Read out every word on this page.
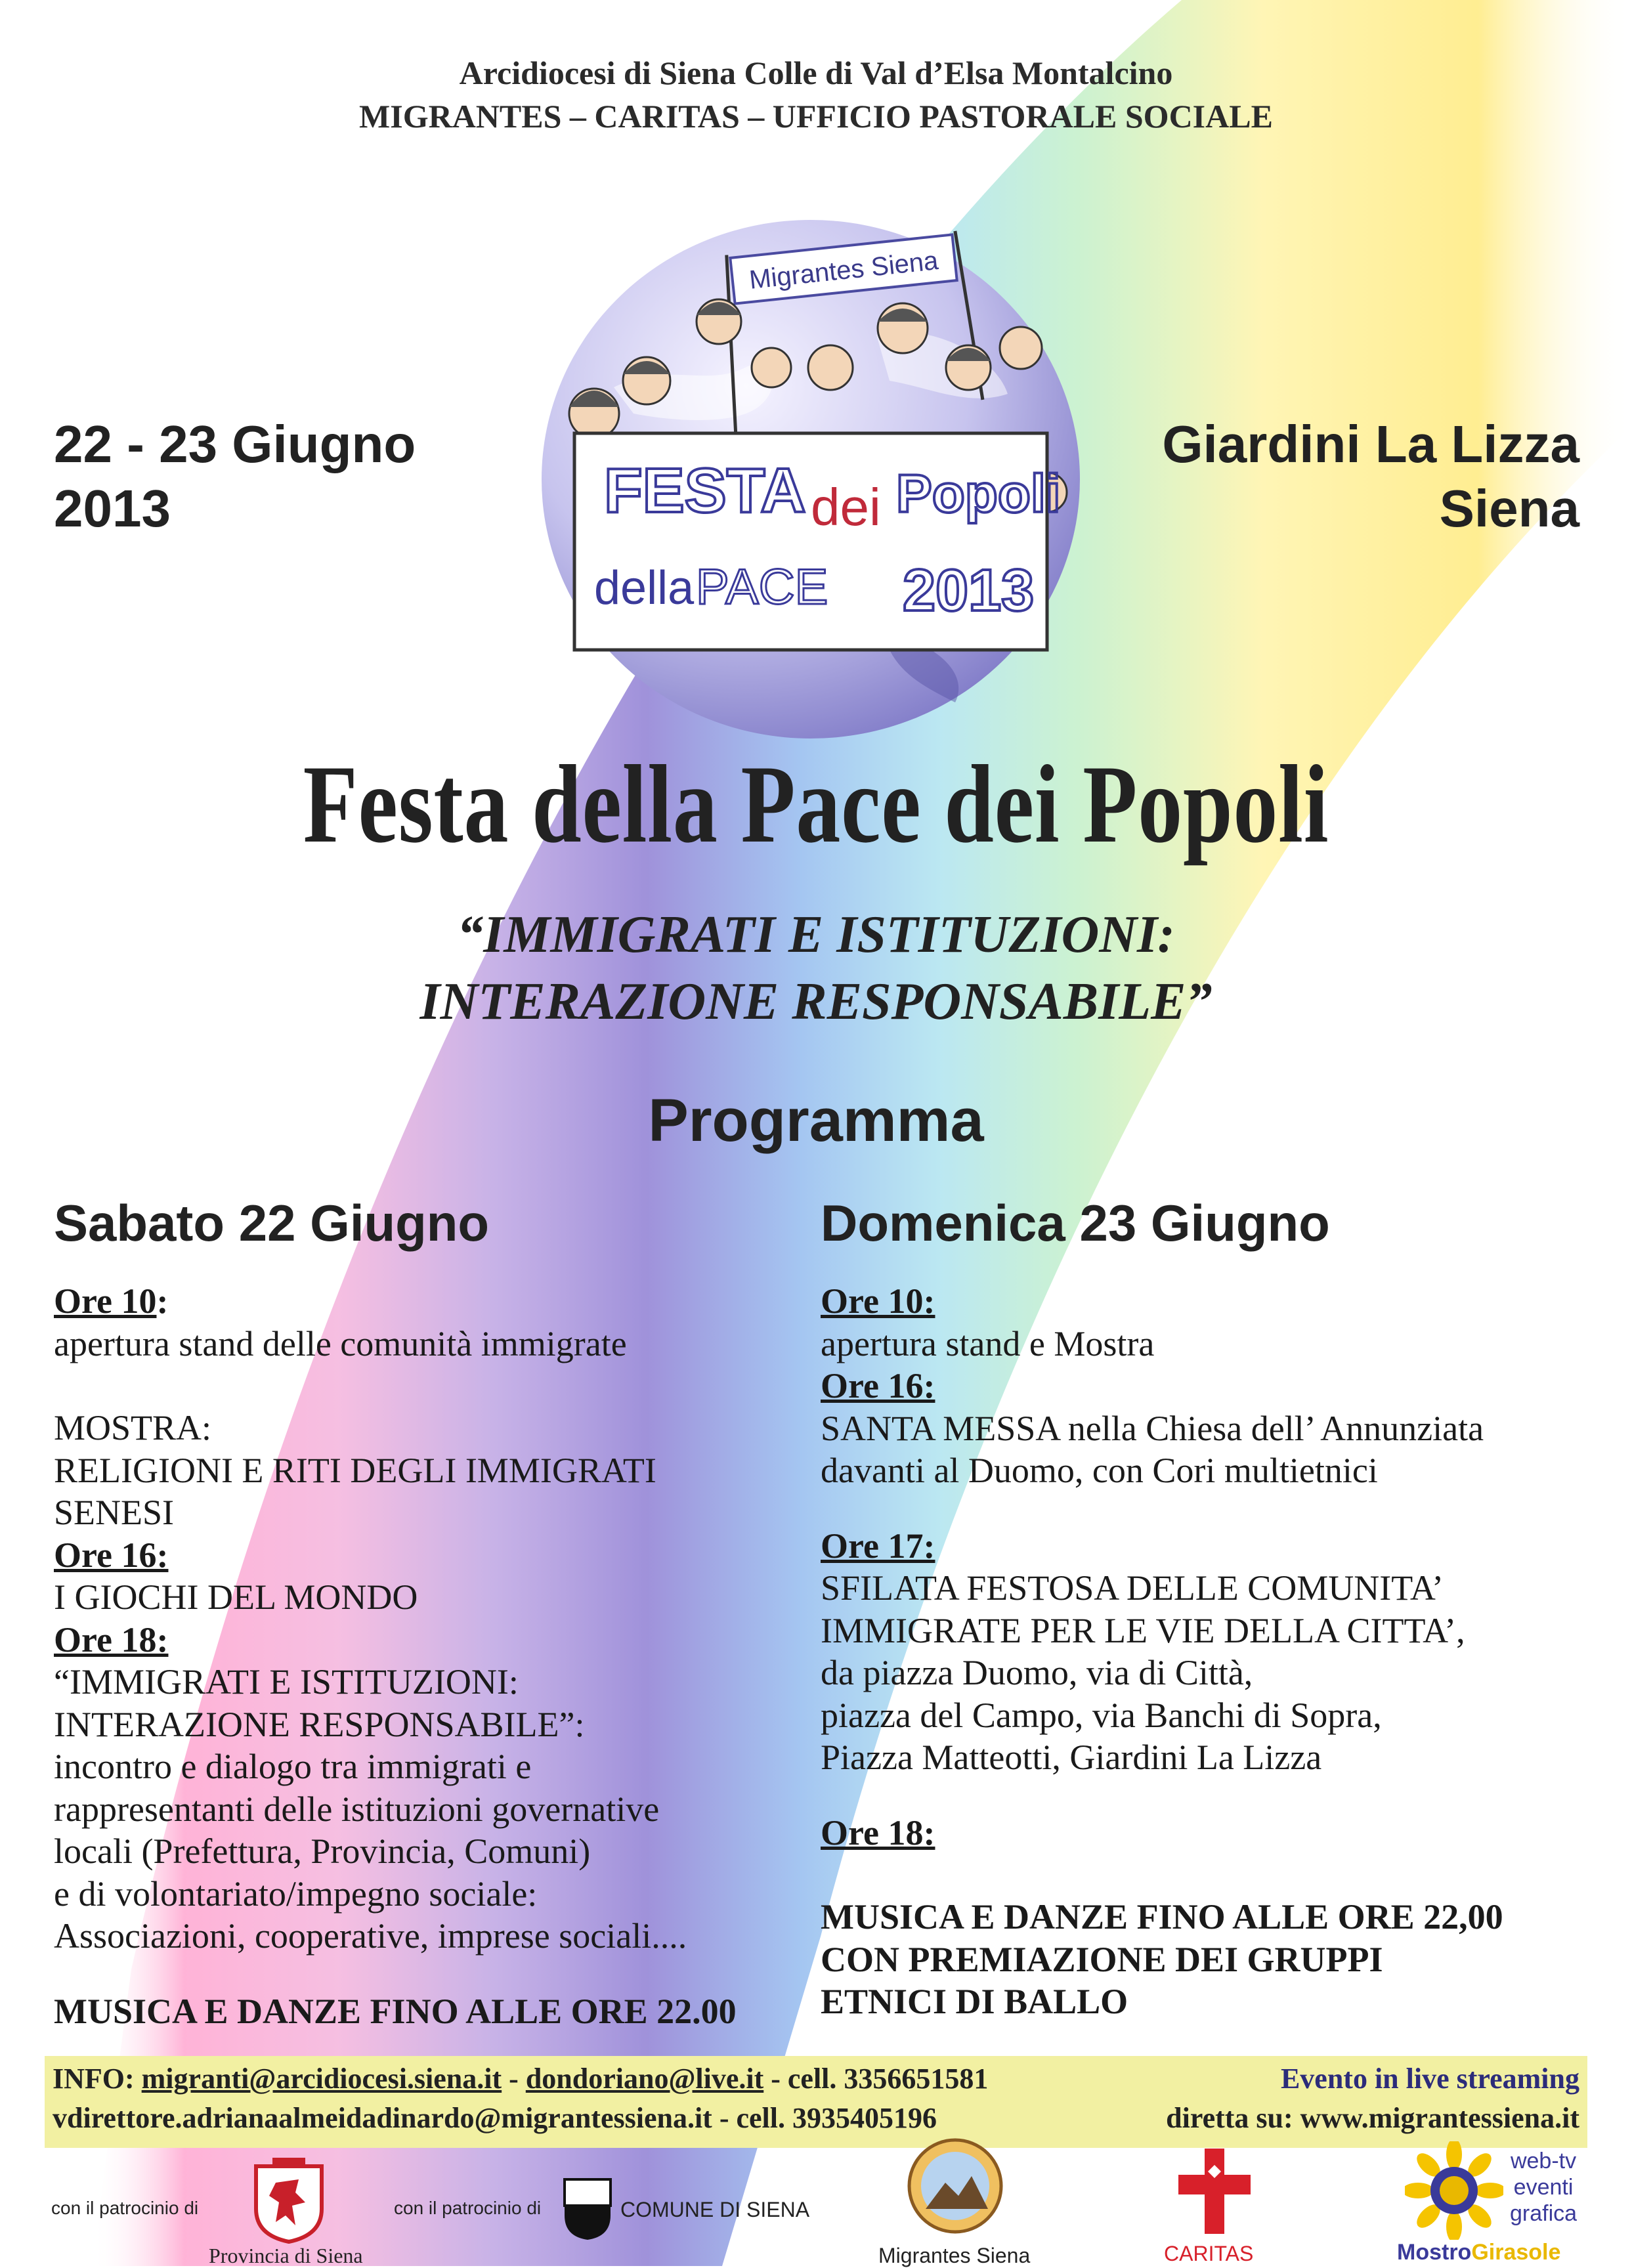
Arcidiocesi di Siena Colle di Val d’Elsa Montalcino
MIGRANTES – CARITAS – UFFICIO PASTORALE SOCIALE
Migrantes Siena
FESTA
della PACE
dei Popoli
2013
22 - 23 Giugno
2013
Giardini La Lizza
Siena
Festa della Pace dei Popoli
“IMMIGRATI E ISTITUZIONI:
INTERAZIONE RESPONSABILE”
Programma
Sabato 22 Giugno	Domenica 23 Giugno
Ore 10:
apertura stand delle comunità immigrate
MOSTRA:
RELIGIONI E RITI DEGLI IMMIGRATI
SENESI
Ore 16:
I GIOCHI DEL MONDO
Ore 18:
“IMMIGRATI E ISTITUZIONI:
INTERAZIONE RESPONSABILE”:
incontro e dialogo tra immigrati e
rappresentanti delle istituzioni governative
locali (Prefettura, Provincia, Comuni)
e di volontariato/impegno sociale:
Associazioni, cooperative, imprese sociali....
MUSICA E DANZE FINO ALLE ORE 22.00
Ore 10:
apertura stand e Mostra
Ore 16:
SANTA MESSA nella Chiesa dell’ Annunziata
davanti al Duomo, con Cori multietnici
Ore 17:
SFILATA FESTOSA DELLE COMUNITA’
IMMIGRATE PER LE VIE DELLA CITTA’,
da piazza Duomo, via di Città,
piazza del Campo, via Banchi di Sopra,
Piazza Matteotti, Giardini La Lizza
Ore 18:
MUSICA E DANZE FINO ALLE ORE 22,00
CON PREMIAZIONE DEI GRUPPI
ETNICI DI BALLO
INFO: migranti@arcidiocesi.siena.it - dondoriano@live.it - cell. 3356651581
vdirettore.adrianaalmeidadinardo@migrantessiena.it - cell. 3935405196
Evento in live streaming
diretta su: www.migrantessiena.it
con il patrocinio di
Provincia di Siena
con il patrocinio di	COMUNE DI SIENA
Migrantes Siena	CARITAS
web-tv
eventi
grafica
MostroGirasole
